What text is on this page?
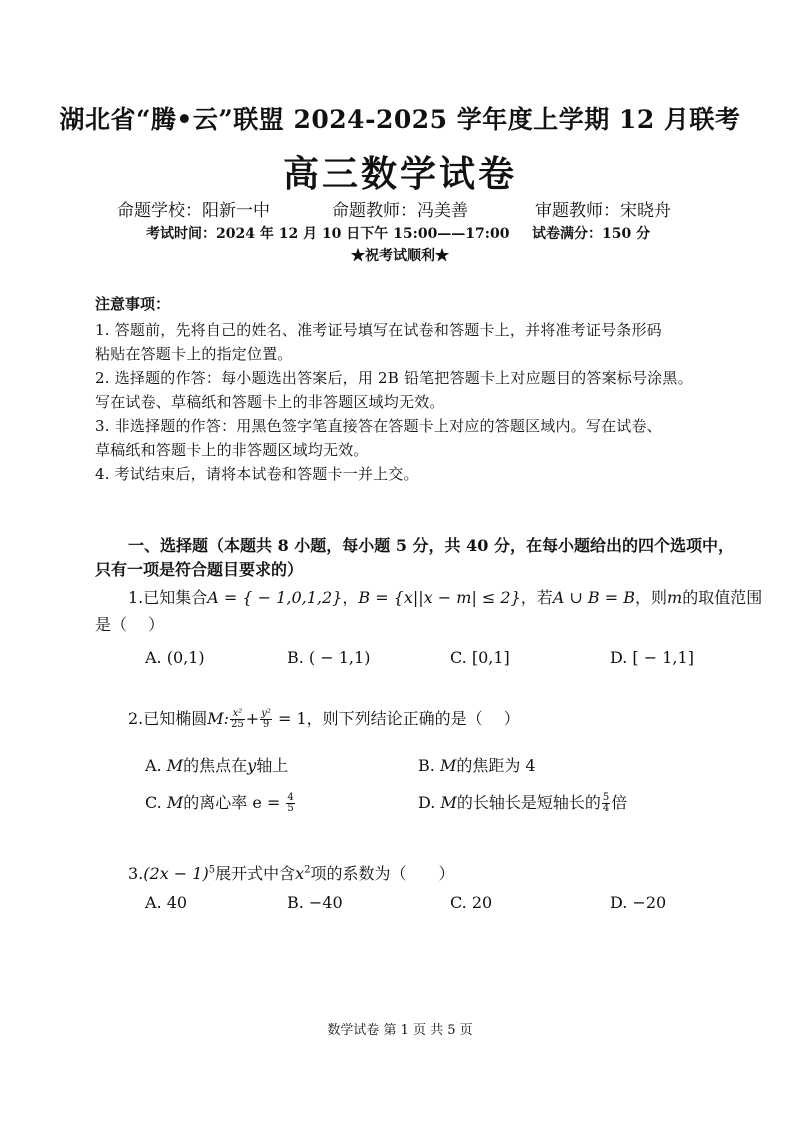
湖北省“腾•云”联盟 2024-2025 学年度上学期 12 月联考
高三数学试卷
命题学校：阳新一中	命题教师：冯美善	审题教师：宋晓舟
考试时间：2024 年 12 月 10 日下午 15:00——17:00 试卷满分：150 分
★祝考试顺利★
注意事项：
1. 答题前，先将自己的姓名、准考证号填写在试卷和答题卡上，并将准考证号条形码
粘贴在答题卡上的指定位置。
2. 选择题的作答：每小题选出答案后，用 2B 铅笔把答题卡上对应题目的答案标号涂黑。
写在试卷、草稿纸和答题卡上的非答题区域均无效。
3. 非选择题的作答：用黑色签字笔直接答在答题卡上对应的答题区域内。写在试卷、
草稿纸和答题卡上的非答题区域均无效。
4. 考试结束后，请将本试卷和答题卡一并上交。
一、选择题（本题共 8 小题，每小题 5 分，共 40 分，在每小题给出的四个选项中，
只有一项是符合题目要求的）
1.已知集合A = { − 1,0,1,2}，B = {x||x − m| ≤ 2}，若A ∪ B = B，则m的取值范围
是（　 ）
A. (0,1)	B. ( − 1,1)	C. [0,1]	D. [ − 1,1]
2.已知椭圆M: $\frac{\text{x²}}{25} + \frac{\text{y²}}{9} = 1$，则下列结论正确的是（　 ）
A. M的焦点在y轴上	B. M的焦距为 4
C. M的离心率 $e = \frac{4}{5}$	D. M的长轴长是短轴长的 $\frac{5}{4}$ 倍
$3.(2x - 1)^5$展开式中含$x^2$项的系数为（　　）
A. 40	B. −40	C. 20	D. −20
数学试卷 第 1 页 共 5 页
